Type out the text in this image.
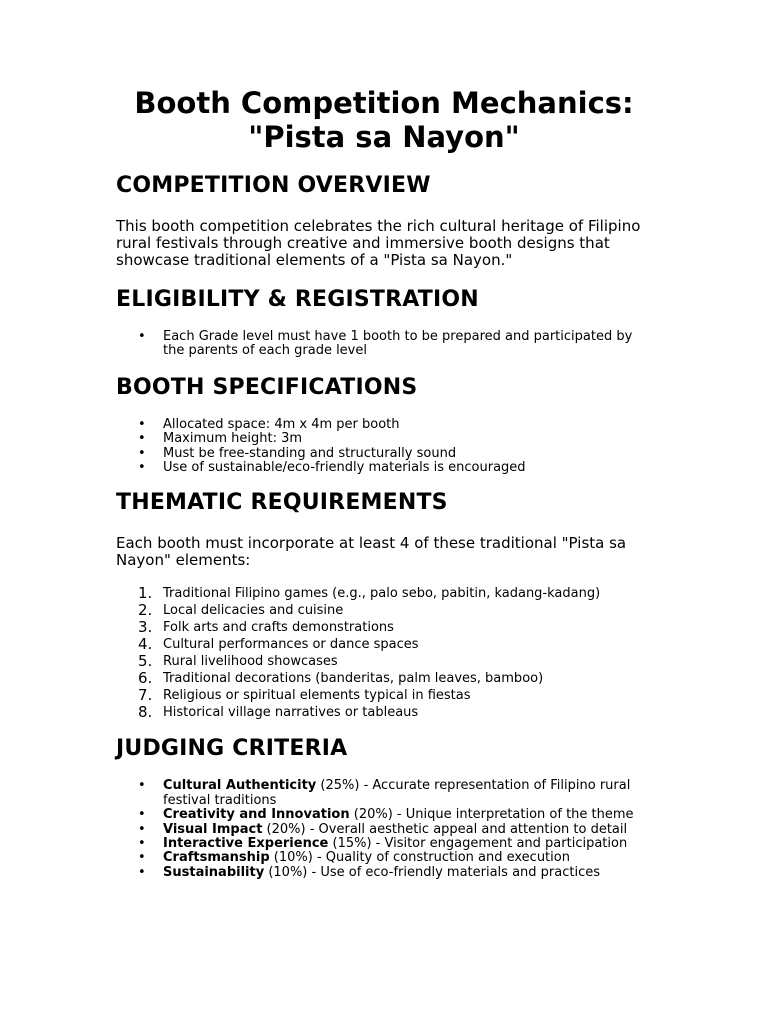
Booth Competition Mechanics:
"Pista sa Nayon"
COMPETITION OVERVIEW

This booth competition celebrates the rich cultural heritage of Filipino rural festivals through creative and immersive booth designs that showcase traditional elements of a "Pista sa Nayon."

ELIGIBILITY & REGISTRATION
• Each Grade level must have 1 booth to be prepared and participated by the parents of each grade level
BOOTH SPECIFICATIONS
• Allocated space: 4m x 4m per booth
• Maximum height: 3m
• Must be free-standing and structurally sound
• Use of sustainable/eco-friendly materials is encouraged
THEMATIC REQUIREMENTS

Each booth must incorporate at least 4 of these traditional "Pista sa Nayon" elements:

1. Traditional Filipino games (e.g., palo sebo, pabitin, kadang-kadang)
2. Local delicacies and cuisine
3. Folk arts and crafts demonstrations
4. Cultural performances or dance spaces
5. Rural livelihood showcases
6. Traditional decorations (banderitas, palm leaves, bamboo)
7. Religious or spiritual elements typical in fiestas
8. Historical village narratives or tableaus
JUDGING CRITERIA
• Cultural Authenticity (25%) - Accurate representation of Filipino rural festival traditions
• Creativity and Innovation (20%) - Unique interpretation of the theme
• Visual Impact (20%) - Overall aesthetic appeal and attention to detail
• Interactive Experience (15%) - Visitor engagement and participation
• Craftsmanship (10%) - Quality of construction and execution
• Sustainability (10%) - Use of eco-friendly materials and practices
